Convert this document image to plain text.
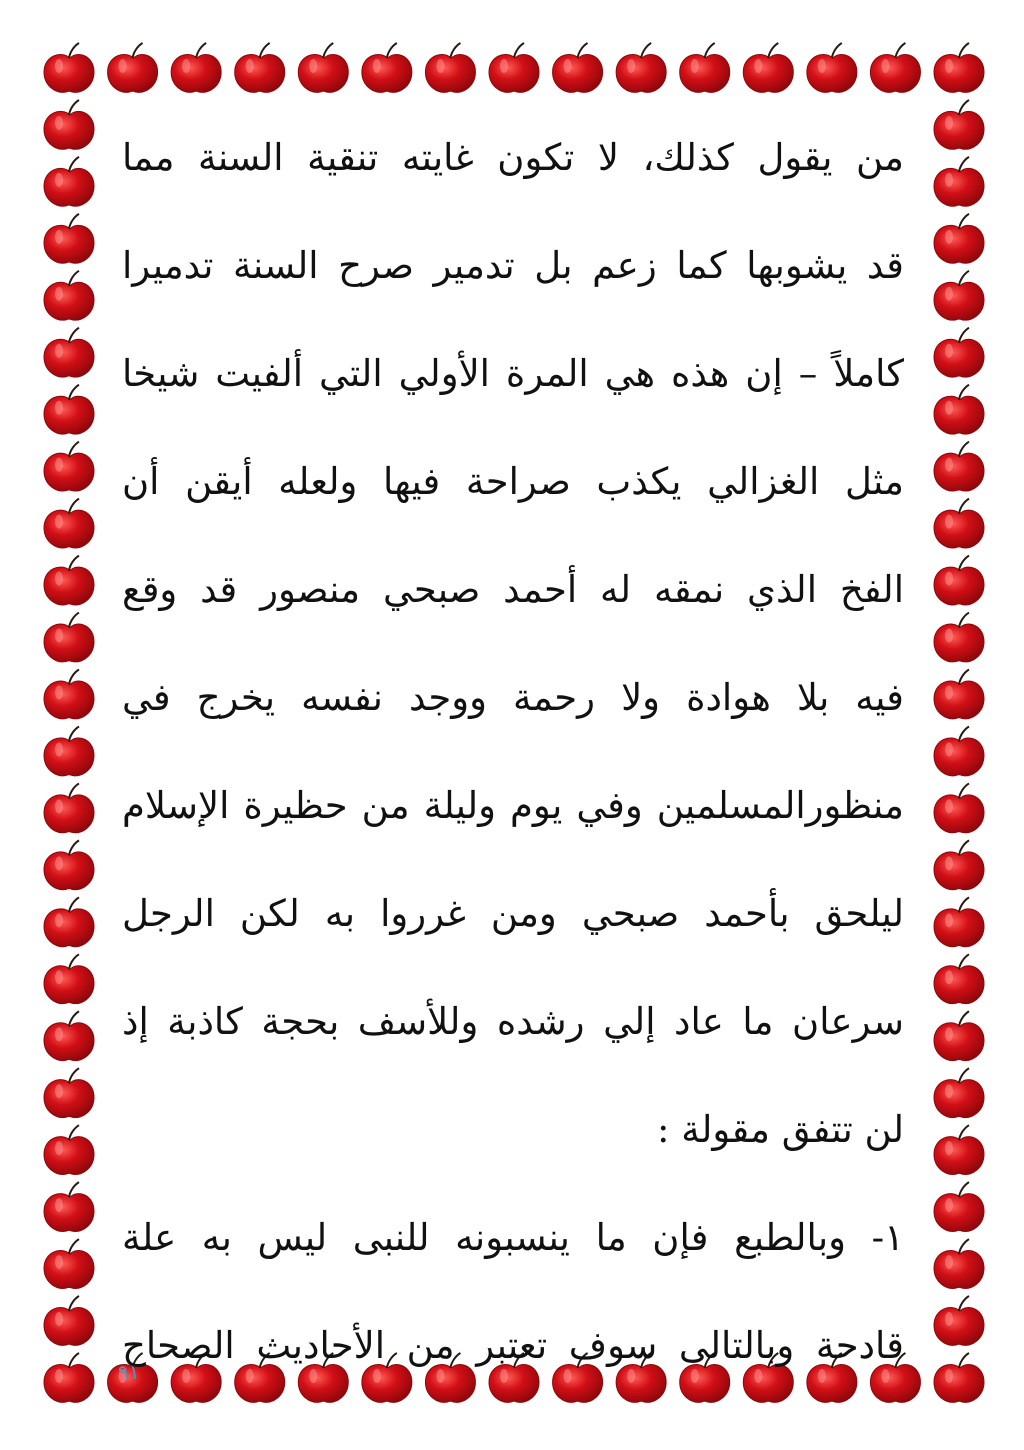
من يقول كذلك، لا تكون غايته تنقية السنة مما
قد يشوبها كما زعم بل تدمير صرح السنة تدميرا
كاملاً – إن هذه هي المرة الأولي التي ألفيت شيخا
مثل الغزالي يكذب صراحة فيها ولعله أيقن أن
الفخ الذي نمقه له أحمد صبحي منصور قد وقع
فيه بلا هوادة ولا رحمة ووجد نفسه يخرج في
منظورالمسلمين وفي يوم وليلة من حظيرة الإسلام
ليلحق بأحمد صبحي ومن غرروا به لكن الرجل
سرعان ما عاد إلي رشده وللأسف بحجة كاذبة إذ
لن تتفق مقولة :
١- وبالطبع فإن ما ينسبونه للنبى ليس به علة
قادحة وبالتالى سوف تعتبر من الأحاديث الصحاح
٩١
